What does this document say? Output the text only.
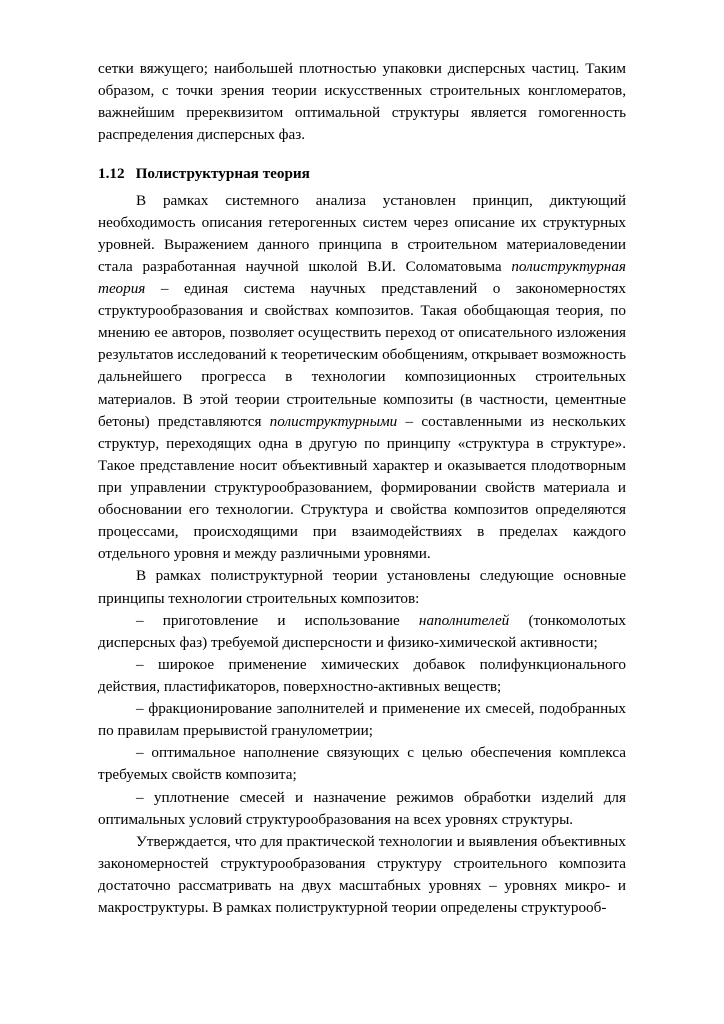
сетки вяжущего; наибольшей плотностью упаковки дисперсных частиц. Таким образом, с точки зрения теории искусственных строительных конгломератов, важнейшим пререквизитом оптимальной структуры является гомогенность распределения дисперсных фаз.

1.12 Полиструктурная теория

В рамках системного анализа установлен принцип, диктующий необходимость описания гетерогенных систем через описание их структурных уровней. Выражением данного принципа в строительном материаловедении стала разработанная научной школой В.И. Соломатовыма полиструктурная теория – единая система научных представлений о закономерностях структурообразования и свойствах композитов. Такая обобщающая теория, по мнению ее авторов, позволяет осуществить переход от описательного изложения результатов исследований к теоретическим обобщениям, открывает возможность дальнейшего прогресса в технологии композиционных строительных материалов. В этой теории строительные композиты (в частности, цементные бетоны) представляются полиструктурными – составленными из нескольких структур, переходящих одна в другую по принципу «структура в структуре». Такое представление носит объективный характер и оказывается плодотворным при управлении структурообразованием, формировании свойств материала и обосновании его технологии. Структура и свойства композитов определяются процессами, происходящими при взаимодействиях в пределах каждого отдельного уровня и между различными уровнями.

В рамках полиструктурной теории установлены следующие основные принципы технологии строительных композитов:

– приготовление и использование наполнителей (тонкомолотых дисперсных фаз) требуемой дисперсности и физико-химической активности;

– широкое применение химических добавок полифункционального действия, пластификаторов, поверхностно-активных веществ;

– фракционирование заполнителей и применение их смесей, подобранных по правилам прерывистой гранулометрии;

– оптимальное наполнение связующих с целью обеспечения комплекса требуемых свойств композита;

– уплотнение смесей и назначение режимов обработки изделий для оптимальных условий структурообразования на всех уровнях структуры.

Утверждается, что для практической технологии и выявления объективных закономерностей структурообразования структуру строительного композита достаточно рассматривать на двух масштабных уровнях – уровнях микро- и макроструктуры. В рамках полиструктурной теории определены структурооб-
